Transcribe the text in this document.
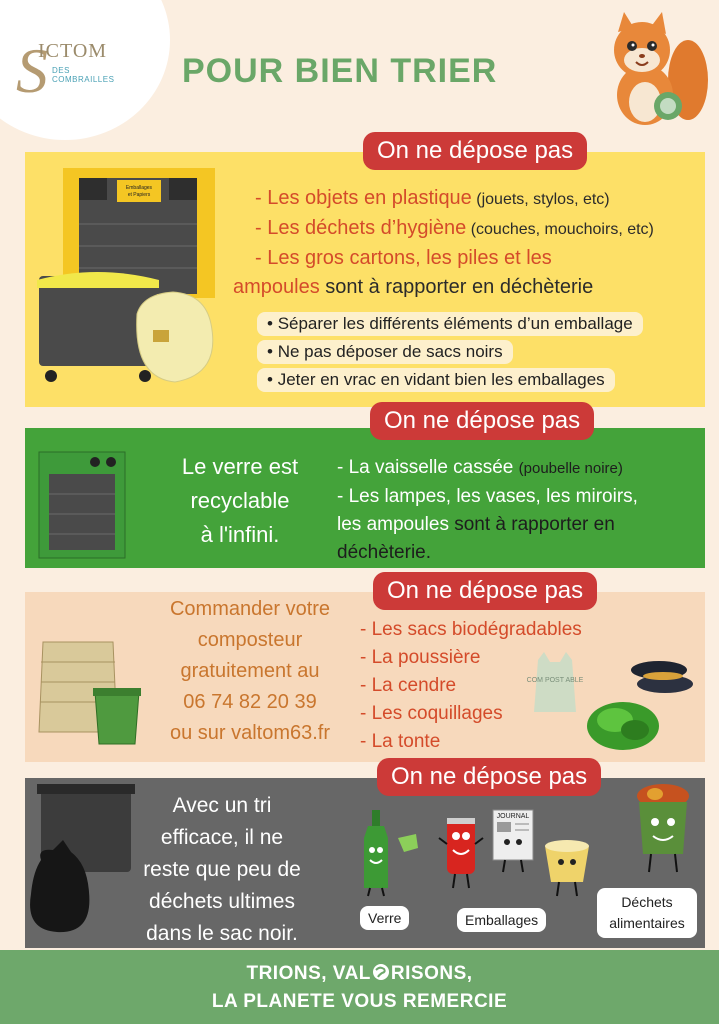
S
ICTOM
DES COMBRAILLES	POUR BIEN TRIER
Emballages
et Papiers
On ne dépose pas
- Les objets en plastique (jouets, stylos, etc)
- Les déchets d’hygiène (couches, mouchoirs, etc)
- Les gros cartons, les piles et les
ampoules sont à rapporter en déchèterie
• Séparer les différents éléments d’un emballage
• Ne pas déposer de sacs noirs
• Jeter en vrac en vidant bien les emballages
On ne dépose pas
Le verre est
recyclable
à l'infini.
- La vaisselle cassée (poubelle noire)
- Les lampes, les vases, les miroirs,
les ampoules sont à rapporter en
déchèterie.
On ne dépose pas
Commander votre
composteur
gratuitement au
06 74 82 20 39
ou sur valtom63.fr
- Les sacs biodégradables
- La poussière
- La cendre
- Les coquillages
- La tonte
COM POST ABLE
On ne dépose pas
Avec un tri
efficace, il ne
reste que peu de
déchets ultimes
dans le sac noir.
JOURNAL
Verre	Emballages
Déchets alimentaires
TRIONS, VAL RISONS,
LA PLANETE VOUS REMERCIE
